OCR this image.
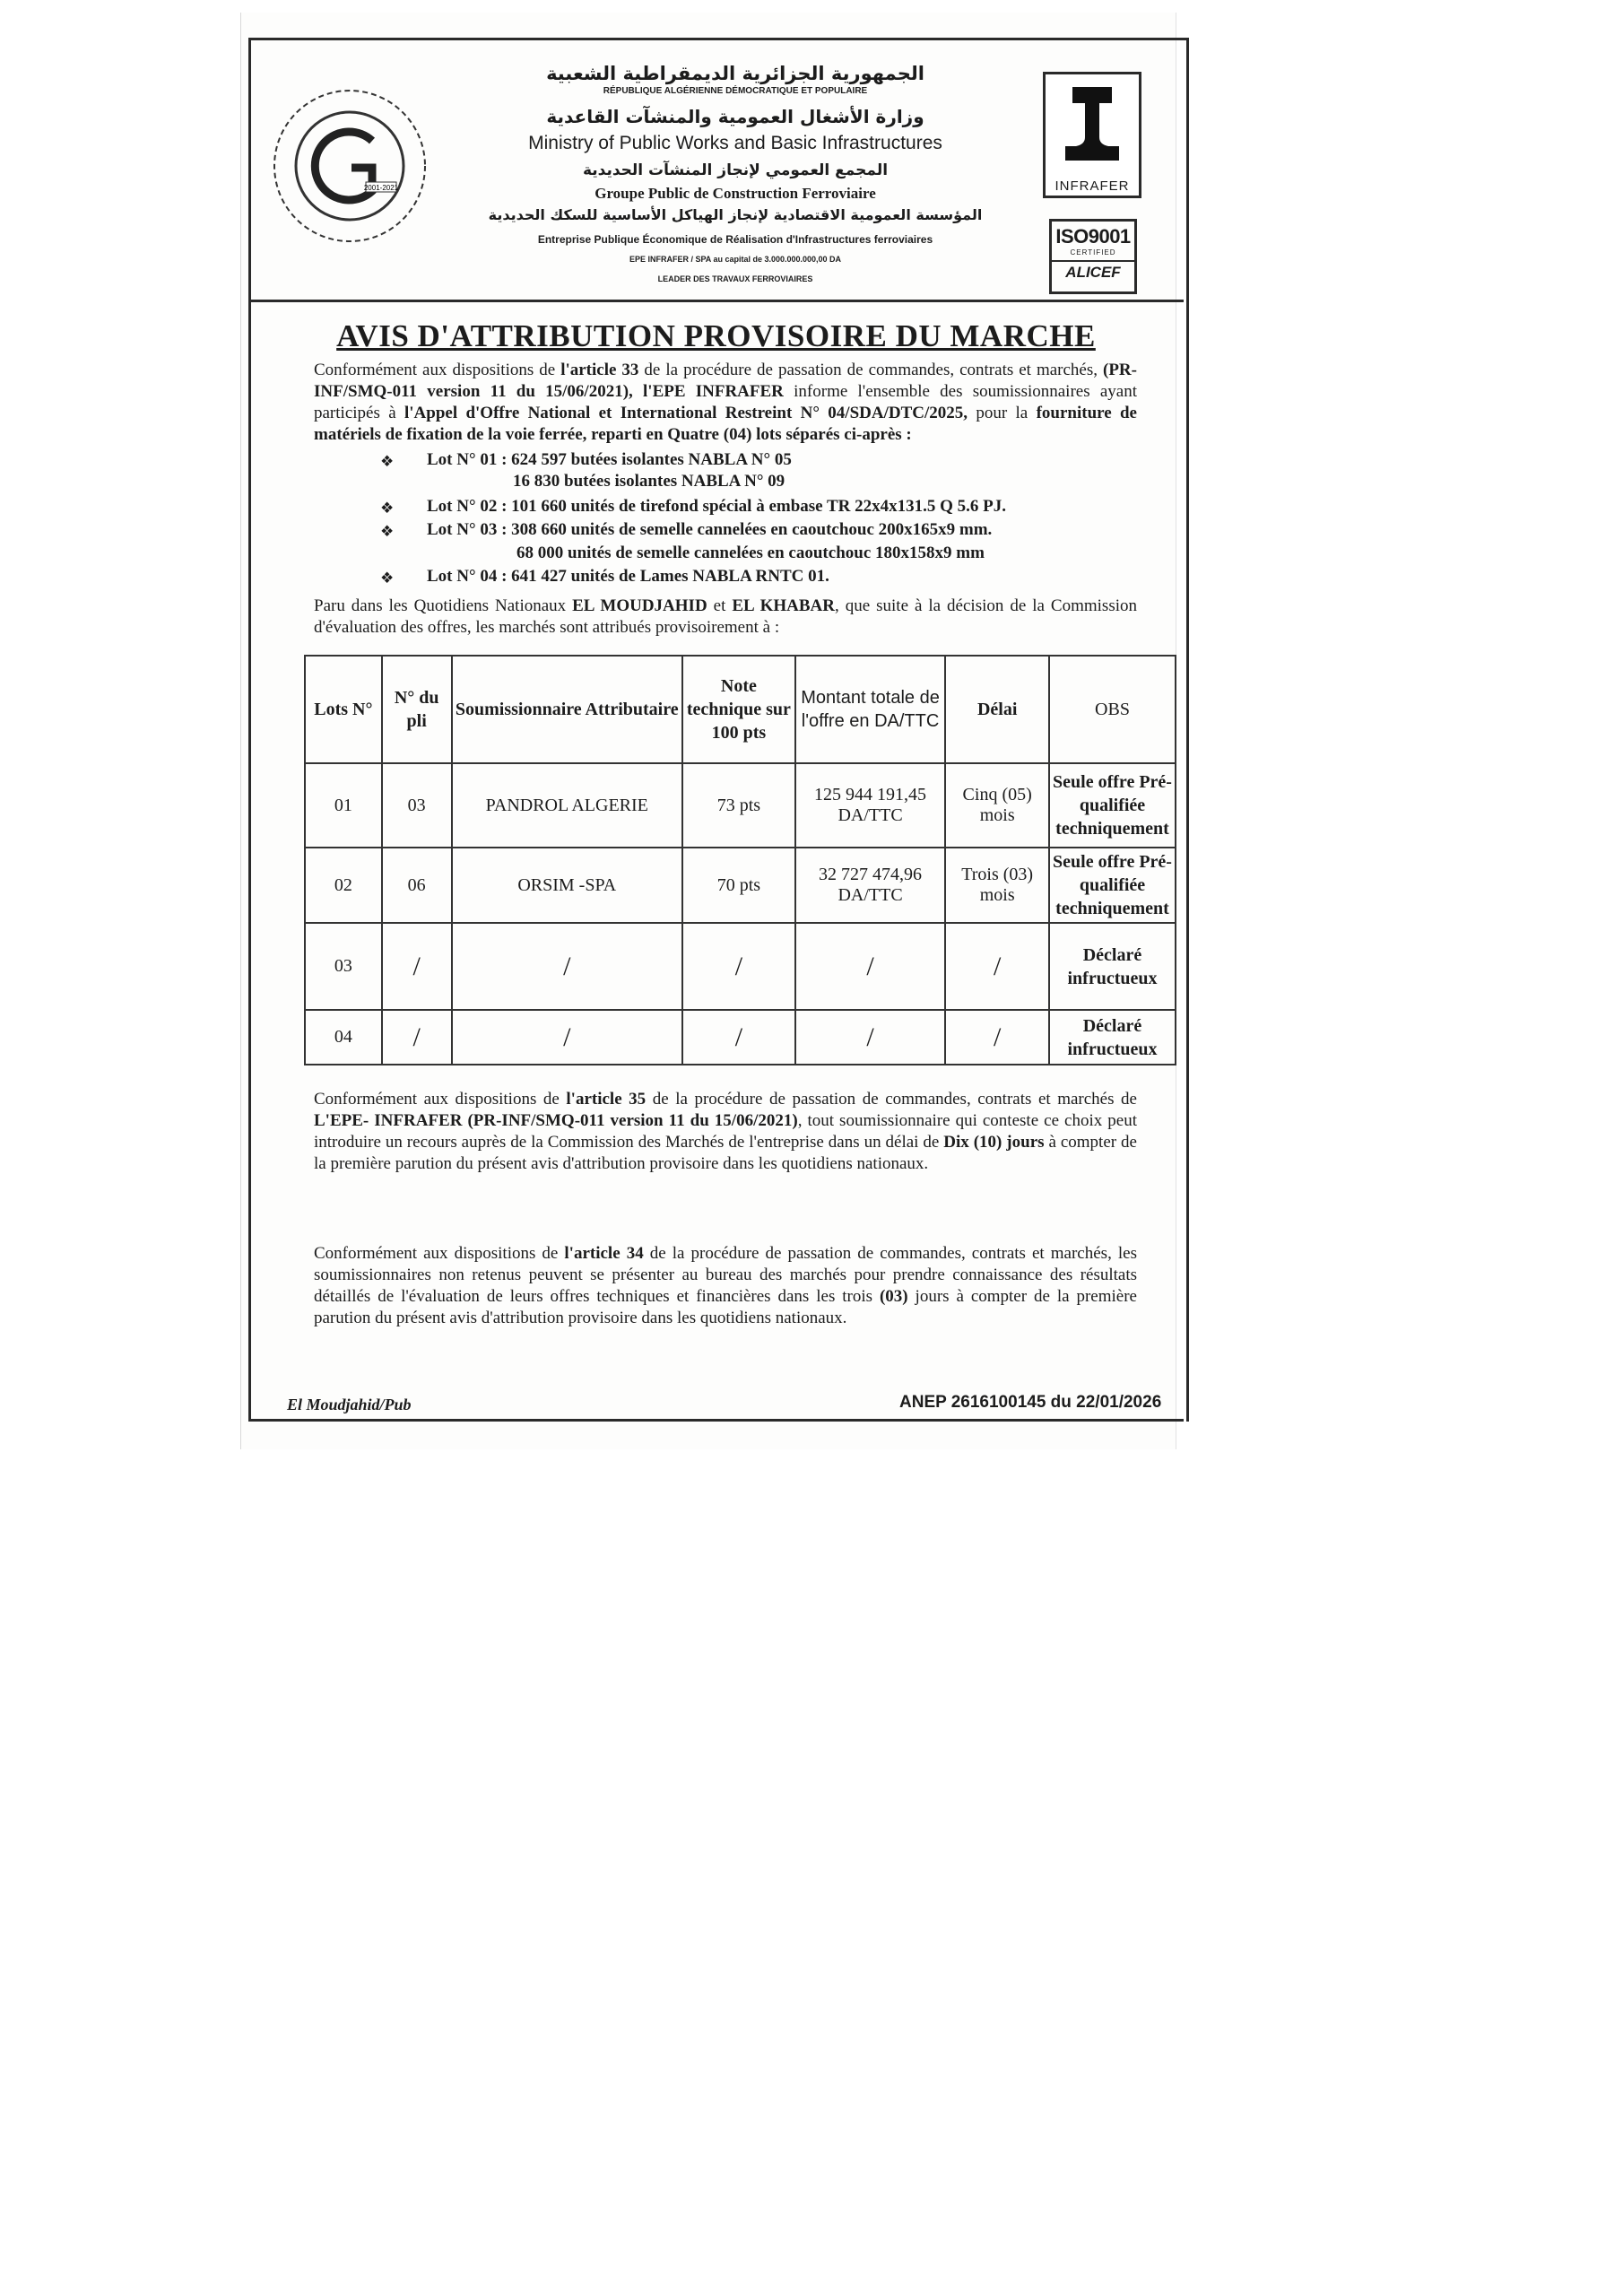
2001-2021	INFRAFER
ISO9001
CERTIFIED
ALICEF
الجمهورية الجزائرية الديمقراطية الشعبية
RÉPUBLIQUE ALGÉRIENNE DÉMOCRATIQUE ET POPULAIRE
وزارة الأشغال العمومية والمنشآت القاعدية
Ministry of Public Works and Basic Infrastructures
المجمع العمومي لإنجاز المنشآت الحديدية
Groupe Public de Construction Ferroviaire
المؤسسة العمومية الاقتصادية لإنجاز الهياكل الأساسية للسكك الحديدية
Entreprise Publique Économique de Réalisation d'Infrastructures ferroviaires
EPE INFRAFER / SPA au capital de 3.000.000.000,00 DA
LEADER DES TRAVAUX FERROVIAIRES
AVIS D'ATTRIBUTION PROVISOIRE DU MARCHE
Conformément aux dispositions de l'article 33 de la procédure de passation de commandes, contrats et marchés, (PR-INF/SMQ-011 version 11 du 15/06/2021), l'EPE INFRAFER informe l'ensemble des soumissionnaires ayant participés à l'Appel d'Offre National et International Restreint N° 04/SDA/DTC/2025, pour la fourniture de matériels de fixation de la voie ferrée, reparti en Quatre (04) lots séparés ci-après :
❖ Lot N° 01 : 624 597 butées isolantes NABLA N° 05
16 830 butées isolantes NABLA N° 09
❖ Lot N° 02 : 101 660 unités de tirefond spécial à embase TR 22x4x131.5 Q 5.6 PJ.
❖ Lot N° 03 : 308 660 unités de semelle cannelées en caoutchouc 200x165x9 mm.
68 000 unités de semelle cannelées en caoutchouc 180x158x9 mm
❖ Lot N° 04 : 641 427 unités de Lames NABLA RNTC 01.
Paru dans les Quotidiens Nationaux EL MOUDJAHID et EL KHABAR, que suite à la décision de la Commission d'évaluation des offres, les marchés sont attribués provisoirement à :
Lots N°	N° du pli	Soumissionnaire Attributaire	Note technique sur 100 pts	Montant totale de l'offre en DA/TTC	Délai	OBS
01	03	PANDROL ALGERIE	73 pts	125 944 191,45 DA/TTC	Cinq (05) mois	Seule offre Pré-qualifiée techniquement
02	06	ORSIM -SPA	70 pts	32 727 474,96 DA/TTC	Trois (03) mois	Seule offre Pré-qualifiée techniquement
03	/	/	/	/	/	Déclaré infructueux
04	/	/	/	/	/	Déclaré infructueux
Conformément aux dispositions de l'article 35 de la procédure de passation de commandes, contrats et marchés de L'EPE- INFRAFER (PR-INF/SMQ-011 version 11 du 15/06/2021), tout soumissionnaire qui conteste ce choix peut introduire un recours auprès de la Commission des Marchés de l'entreprise dans un délai de Dix (10) jours à compter de la première parution du présent avis d'attribution provisoire dans les quotidiens nationaux.
Conformément aux dispositions de l'article 34 de la procédure de passation de commandes, contrats et marchés, les soumissionnaires non retenus peuvent se présenter au bureau des marchés pour prendre connaissance des résultats détaillés de l'évaluation de leurs offres techniques et financières dans les trois (03) jours à compter de la première parution du présent avis d'attribution provisoire dans les quotidiens nationaux.
El Moudjahid/Pub	ANEP 2616100145 du 22/01/2026
